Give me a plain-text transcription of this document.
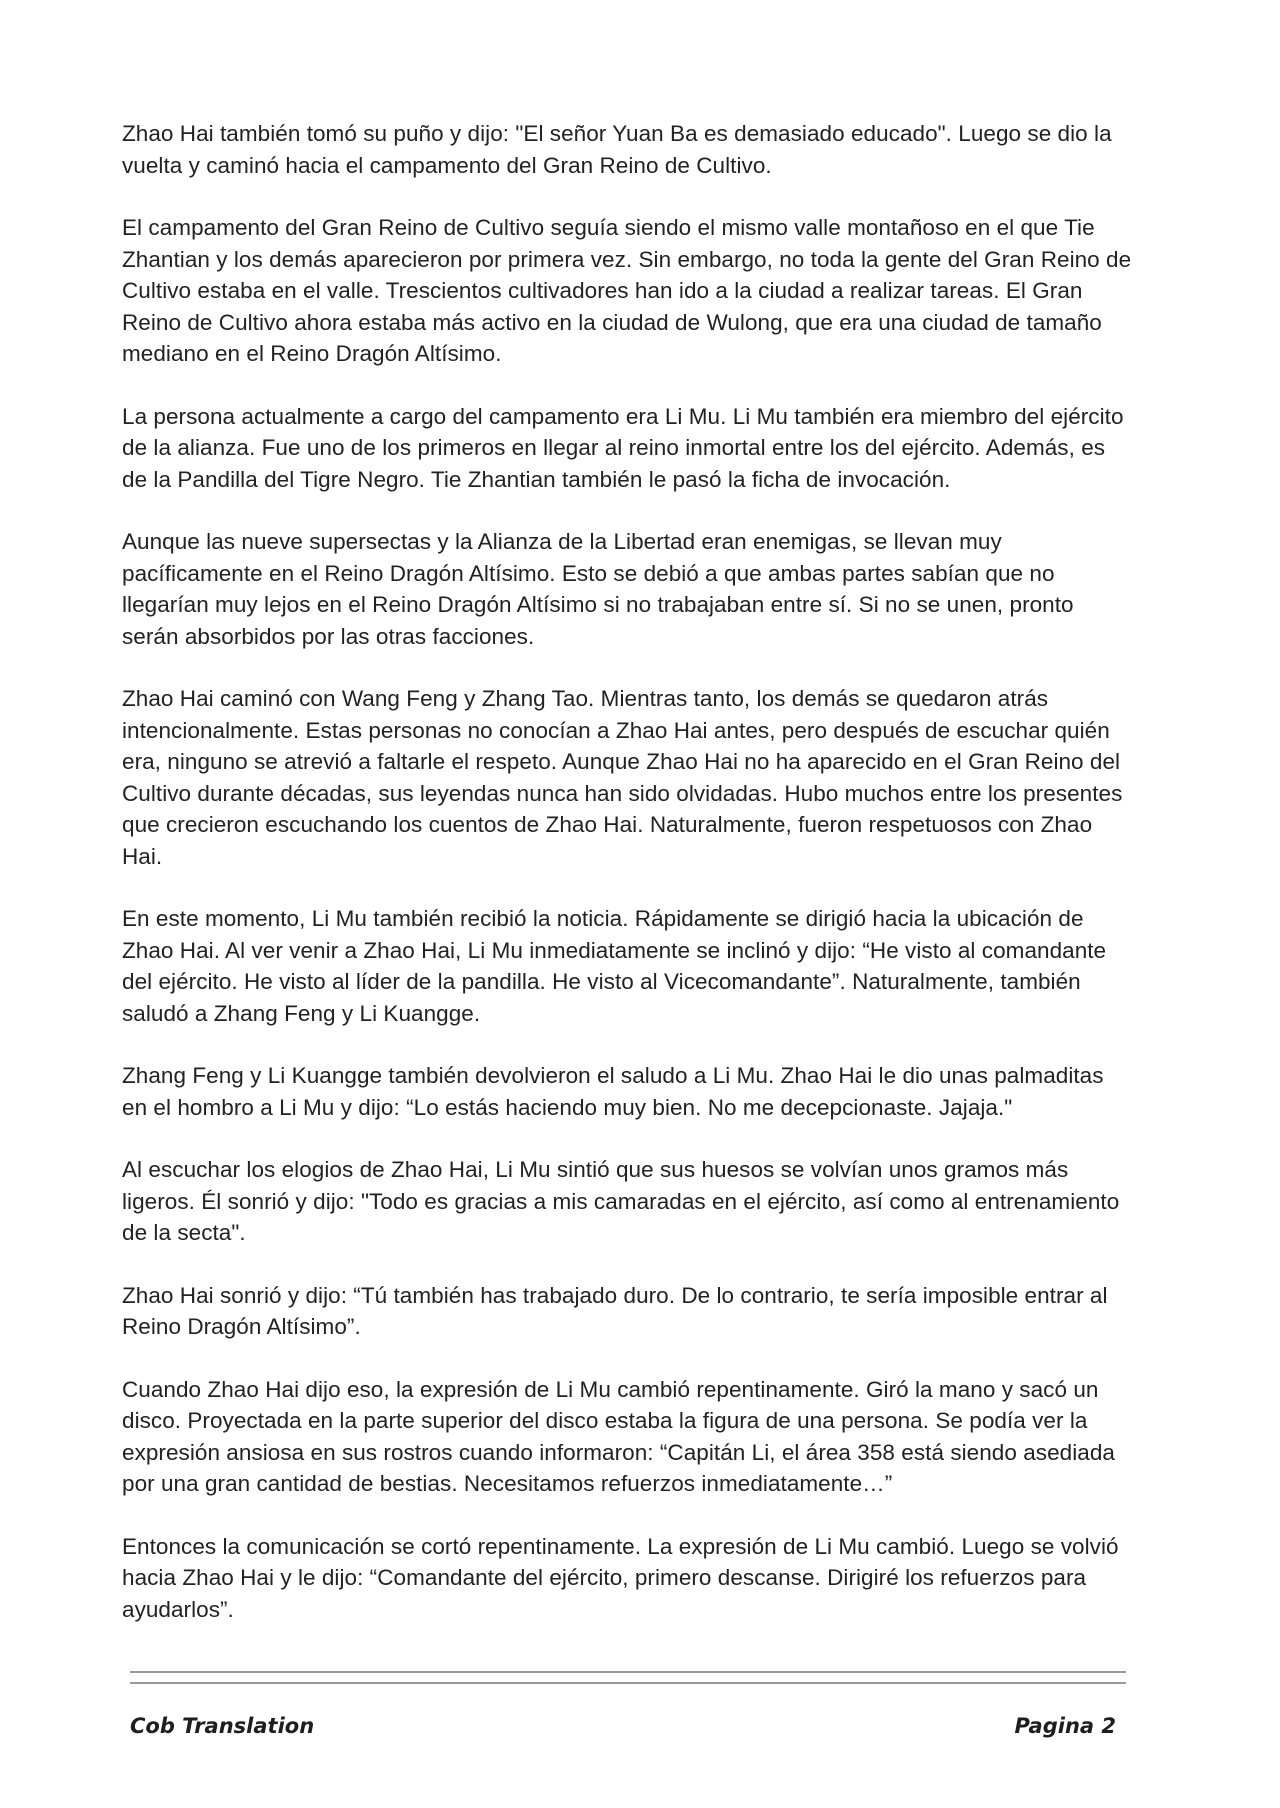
Zhao Hai también tomó su puño y dijo: "El señor Yuan Ba es demasiado educado". Luego se dio la vuelta y caminó hacia el campamento del Gran Reino de Cultivo.

El campamento del Gran Reino de Cultivo seguía siendo el mismo valle montañoso en el que Tie Zhantian y los demás aparecieron por primera vez. Sin embargo, no toda la gente del Gran Reino de Cultivo estaba en el valle. Trescientos cultivadores han ido a la ciudad a realizar tareas. El Gran Reino de Cultivo ahora estaba más activo en la ciudad de Wulong, que era una ciudad de tamaño mediano en el Reino Dragón Altísimo.

La persona actualmente a cargo del campamento era Li Mu. Li Mu también era miembro del ejército de la alianza. Fue uno de los primeros en llegar al reino inmortal entre los del ejército. Además, es de la Pandilla del Tigre Negro. Tie Zhantian también le pasó la ficha de invocación.

Aunque las nueve supersectas y la Alianza de la Libertad eran enemigas, se llevan muy pacíficamente en el Reino Dragón Altísimo. Esto se debió a que ambas partes sabían que no llegarían muy lejos en el Reino Dragón Altísimo si no trabajaban entre sí. Si no se unen, pronto serán absorbidos por las otras facciones.

Zhao Hai caminó con Wang Feng y Zhang Tao. Mientras tanto, los demás se quedaron atrás intencionalmente. Estas personas no conocían a Zhao Hai antes, pero después de escuchar quién era, ninguno se atrevió a faltarle el respeto. Aunque Zhao Hai no ha aparecido en el Gran Reino del Cultivo durante décadas, sus leyendas nunca han sido olvidadas. Hubo muchos entre los presentes que crecieron escuchando los cuentos de Zhao Hai. Naturalmente, fueron respetuosos con Zhao Hai.

En este momento, Li Mu también recibió la noticia. Rápidamente se dirigió hacia la ubicación de Zhao Hai. Al ver venir a Zhao Hai, Li Mu inmediatamente se inclinó y dijo: “He visto al comandante del ejército. He visto al líder de la pandilla. He visto al Vicecomandante”. Naturalmente, también saludó a Zhang Feng y Li Kuangge.

Zhang Feng y Li Kuangge también devolvieron el saludo a Li Mu. Zhao Hai le dio unas palmaditas en el hombro a Li Mu y dijo: “Lo estás haciendo muy bien. No me decepcionaste. Jajaja."

Al escuchar los elogios de Zhao Hai, Li Mu sintió que sus huesos se volvían unos gramos más ligeros. Él sonrió y dijo: "Todo es gracias a mis camaradas en el ejército, así como al entrenamiento de la secta".

Zhao Hai sonrió y dijo: “Tú también has trabajado duro. De lo contrario, te sería imposible entrar al Reino Dragón Altísimo”.

Cuando Zhao Hai dijo eso, la expresión de Li Mu cambió repentinamente. Giró la mano y sacó un disco. Proyectada en la parte superior del disco estaba la figura de una persona. Se podía ver la expresión ansiosa en sus rostros cuando informaron: “Capitán Li, el área 358 está siendo asediada por una gran cantidad de bestias. Necesitamos refuerzos inmediatamente…”

Entonces la comunicación se cortó repentinamente. La expresión de Li Mu cambió. Luego se volvió hacia Zhao Hai y le dijo: “Comandante del ejército, primero descanse. Dirigiré los refuerzos para ayudarlos”.

Cob Translation	Pagina 2
